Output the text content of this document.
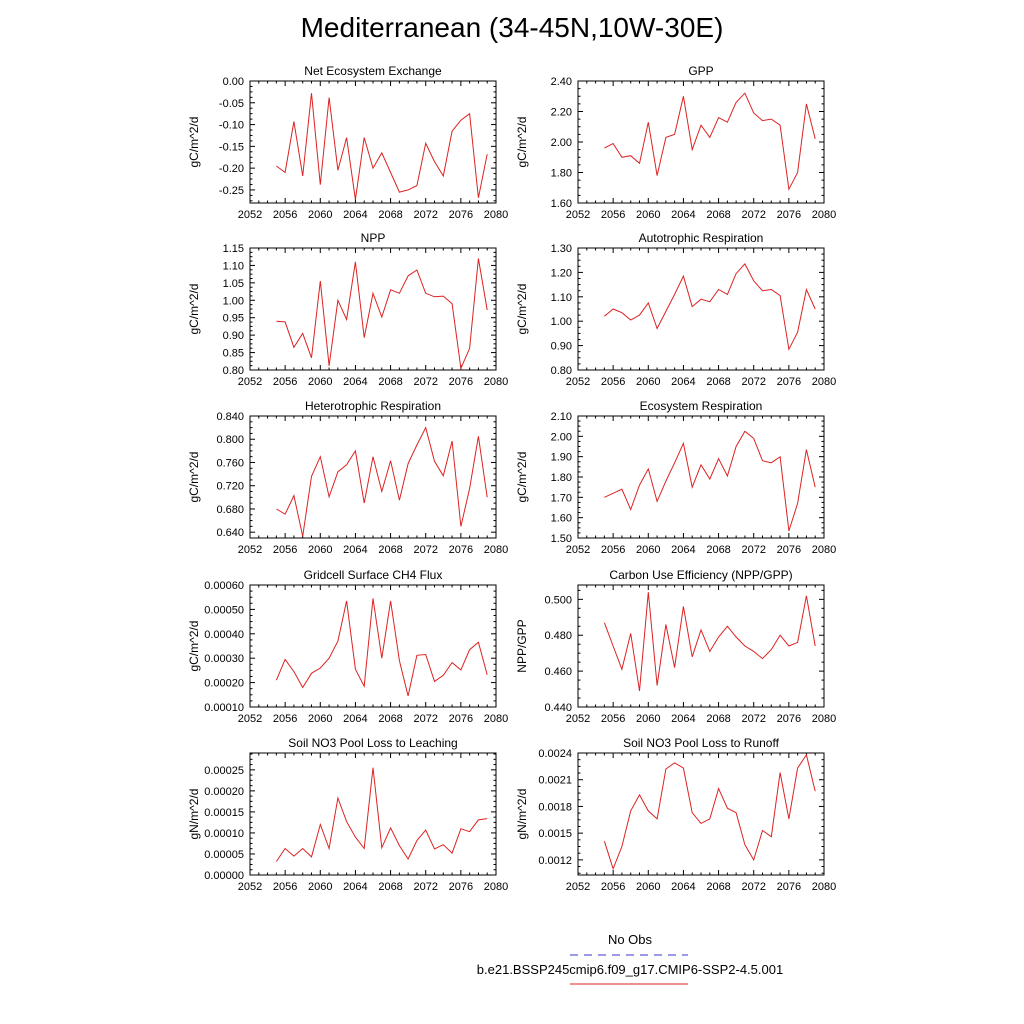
Mediterranean (34-45N,10W-30E)
Net Ecosystem Exchange
gC/m^2/d
2052 2056 2060 2064 2068 2072 2076 2080
-0.25
-0.20
-0.15
-0.10
-0.05
0.00
GPP
gC/m^2/d
2052 2056 2060 2064 2068 2072 2076 2080
1.60
1.80
2.00
2.20
2.40
NPP
gC/m^2/d
2052 2056 2060 2064 2068 2072 2076 2080
0.80
0.85
0.90
0.95
1.00
1.05
1.10
1.15
Autotrophic Respiration
gC/m^2/d
2052 2056 2060 2064 2068 2072 2076 2080
0.80
0.90
1.00
1.10
1.20
1.30
Heterotrophic Respiration
gC/m^2/d
2052 2056 2060 2064 2068 2072 2076 2080
0.640
0.680
0.720
0.760
0.800
0.840
Ecosystem Respiration
gC/m^2/d
2052 2056 2060 2064 2068 2072 2076 2080
1.50
1.60
1.70
1.80
1.90
2.00
2.10
Gridcell Surface CH4 Flux
gC/m^2/d
2052 2056 2060 2064 2068 2072 2076 2080
0.00010
0.00020
0.00030
0.00040
0.00050
0.00060
Carbon Use Efficiency (NPP/GPP)
NPP/GPP
2052 2056 2060 2064 2068 2072 2076 2080
0.440
0.460
0.480
0.500
Soil NO3 Pool Loss to Leaching
gN/m^2/d
2052 2056 2060 2064 2068 2072 2076 2080
0.00000
0.00005
0.00010
0.00015
0.00020
0.00025
Soil NO3 Pool Loss to Runoff
gN/m^2/d
2052 2056 2060 2064 2068 2072 2076 2080
0.0012
0.0015
0.0018
0.0021
0.0024
No Obs
b.e21.BSSP245cmip6.f09_g17.CMIP6-SSP2-4.5.001
